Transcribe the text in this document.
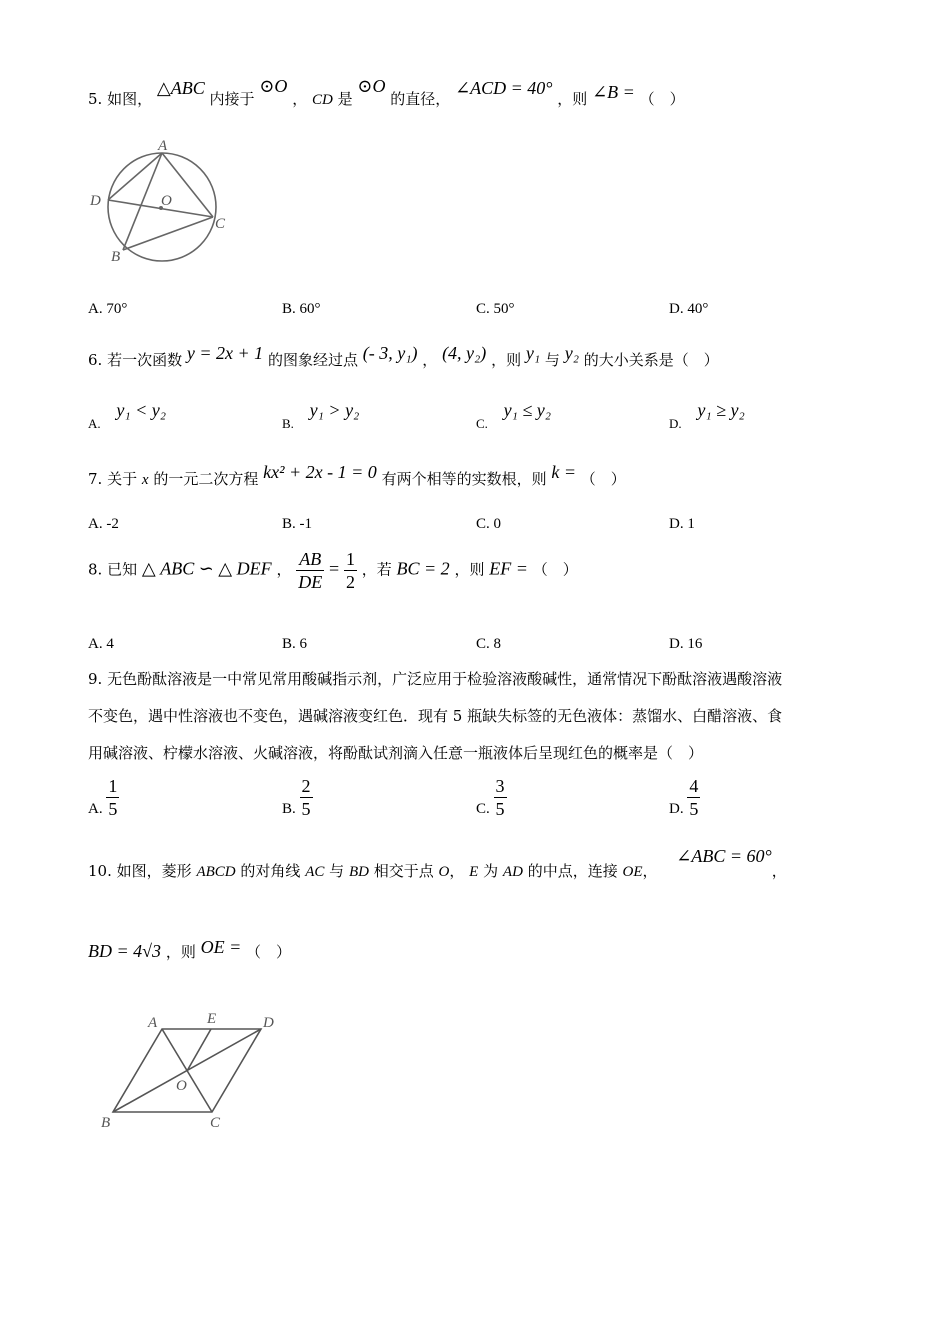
5. 如图， △ABC 内接于 ⊙O ， CD 是 ⊙O 的直径， ∠ACD = 40° ，则 ∠B = （　）
A
D	O
C
B
A. 70°	B. 60°	C. 50°	D. 40°
6. 若一次函数 y = 2x + 1 的图象经过点 (- 3, y₁) ， (4, y₂) ，则 y₁ 与 y₂ 的大小关系是（　）
A. y₁ < y₂
B. y₁ > y₂
C. y₁ ≤ y₂
D. y₁ ≥ y₂
7. 关于 x 的一元二次方程 kx² + 2x - 1 = 0 有两个相等的实数根，则 k = （　）
A. -2	B. -1	C. 0	D. 1
8. 已知 △ ABC ∽ △ DEF ， $\frac{AB}{DE} = \frac{1}{2}$ ，若 BC = 2 ，则 EF = （　）
A. 4	B. 6	C. 8	D. 16
9. 无色酚酞溶液是一中常见常用酸碱指示剂，广泛应用于检验溶液酸碱性，通常情况下酚酞溶液遇酸溶液
不变色，遇中性溶液也不变色，遇碱溶液变红色．现有 5 瓶缺失标签的无色液体：蒸馏水、白醋溶液、食
用碱溶液、柠檬水溶液、火碱溶液，将酚酞试剂滴入任意一瓶液体后呈现红色的概率是（　）
A. $\frac{1}{5}$	B. $\frac{2}{5}$	C. $\frac{3}{5}$	D. $\frac{4}{5}$
10. 如图，菱形 ABCD 的对角线 AC 与 BD 相交于点 O， E 为 AD 的中点，连接 OE， ∠ABC = 60°，
BD = 4√3 ，则 OE = （　）
A	E	D
O
B	C
